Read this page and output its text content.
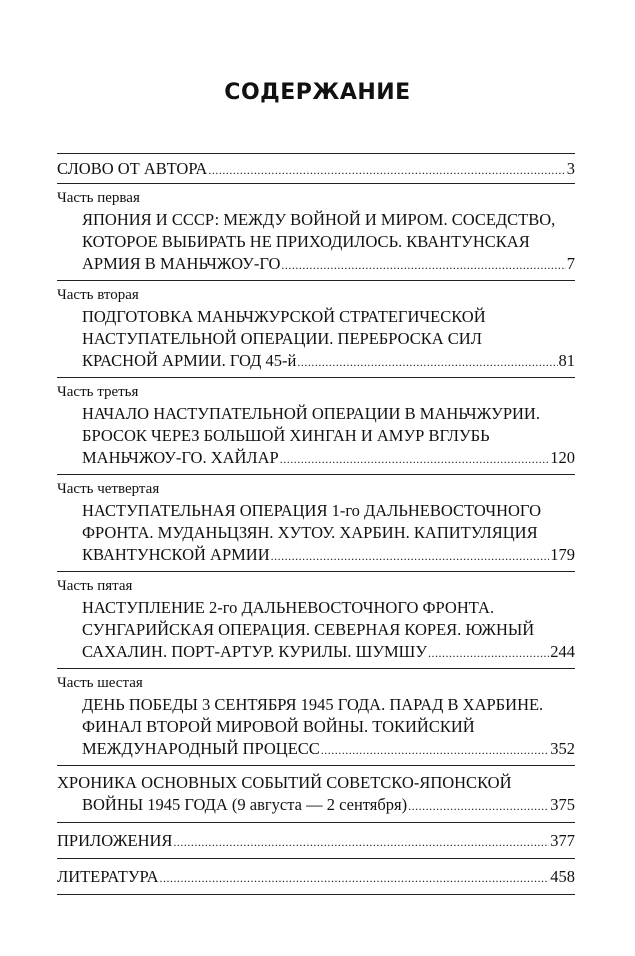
СОДЕРЖАНИЕ
СЛОВО ОТ АВТОРА .....	3
Часть первая
ЯПОНИЯ И СССР: МЕЖДУ ВОЙНОЙ И МИРОМ. СОСЕДСТВО,
КОТОРОЕ ВЫБИРАТЬ НЕ ПРИХОДИЛОСЬ. КВАНТУНСКАЯ
АРМИЯ В МАНЬЧЖОУ-ГО .....	7
Часть вторая
ПОДГОТОВКА МАНЬЧЖУРСКОЙ СТРАТЕГИЧЕСКОЙ
НАСТУПАТЕЛЬНОЙ ОПЕРАЦИИ. ПЕРЕБРОСКА СИЛ
КРАСНОЙ АРМИИ. ГОД 45-й .....	81
Часть третья
НАЧАЛО НАСТУПАТЕЛЬНОЙ ОПЕРАЦИИ В МАНЬЧЖУРИИ.
БРОСОК ЧЕРЕЗ БОЛЬШОЙ ХИНГАН И АМУР ВГЛУБЬ
МАНЬЧЖОУ-ГО. ХАЙЛАР .....	120
Часть четвертая
НАСТУПАТЕЛЬНАЯ ОПЕРАЦИЯ 1-го ДАЛЬНЕВОСТОЧНОГО
ФРОНТА. МУДАНЬЦЗЯН. ХУТОУ. ХАРБИН. КАПИТУЛЯЦИЯ
КВАНТУНСКОЙ АРМИИ .....	179
Часть пятая
НАСТУПЛЕНИЕ 2-го ДАЛЬНЕВОСТОЧНОГО ФРОНТА.
СУНГАРИЙСКАЯ ОПЕРАЦИЯ. СЕВЕРНАЯ КОРЕЯ. ЮЖНЫЙ
САХАЛИН. ПОРТ-АРТУР. КУРИЛЫ. ШУМШУ .....	244
Часть шестая
ДЕНЬ ПОБЕДЫ 3 СЕНТЯБРЯ 1945 ГОДА. ПАРАД В ХАРБИНЕ.
ФИНАЛ ВТОРОЙ МИРОВОЙ ВОЙНЫ. ТОКИЙСКИЙ
МЕЖДУНАРОДНЫЙ ПРОЦЕСС .....	352
ХРОНИКА ОСНОВНЫХ СОБЫТИЙ СОВЕТСКО-ЯПОНСКОЙ
ВОЙНЫ 1945 ГОДА (9 августа — 2 сентября) .....	375
ПРИЛОЖЕНИЯ .....	377
ЛИТЕРАТУРА .....	458
